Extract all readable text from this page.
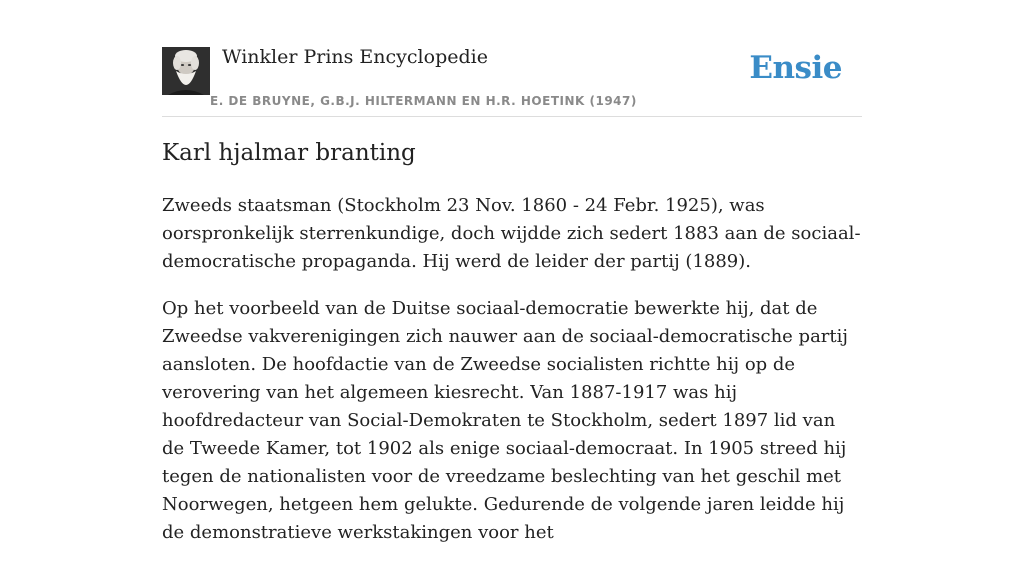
Winkler Prins Encyclopedie
E. DE BRUYNE, G.B.J. HILTERMANN EN H.R. HOETINK (1947)
Ensie
Karl hjalmar branting

Zweeds staatsman (Stockholm 23 Nov. 1860 - 24 Febr. 1925), was oorspronkelijk sterrenkundige, doch wijdde zich sedert 1883 aan de sociaal-democratische propaganda. Hij werd de leider der partij (1889).

Op het voorbeeld van de Duitse sociaal-democratie bewerkte hij, dat de Zweedse vakverenigingen zich nauwer aan de sociaal-democratische partij aansloten. De hoofdactie van de Zweedse socialisten richtte hij op de verovering van het algemeen kiesrecht. Van 1887-1917 was hij hoofdredacteur van Social-Demokraten te Stockholm, sedert 1897 lid van de Tweede Kamer, tot 1902 als enige sociaal-democraat. In 1905 streed hij tegen de nationalisten voor de vreedzame beslechting van het geschil met Noorwegen, hetgeen hem gelukte. Gedurende de volgende jaren leidde hij de demonstratieve werkstakingen voor het
